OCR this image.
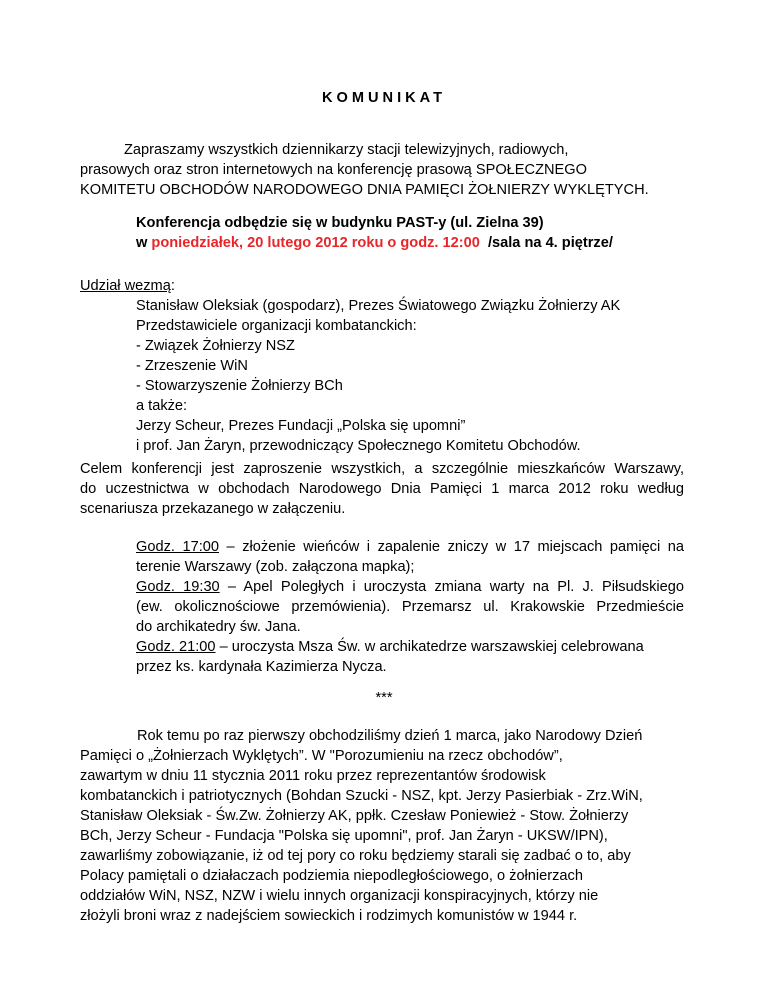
KOMUNIKAT
Zapraszamy wszystkich dziennikarzy stacji telewizyjnych, radiowych,
prasowych oraz stron internetowych na konferencję prasową SPOŁECZNEGO
KOMITETU OBCHODÓW NARODOWEGO DNIA PAMIĘCI ŻOŁNIERZY WYKLĘTYCH.
Konferencja odbędzie się w budynku PAST-y (ul. Zielna 39)
w poniedziałek, 20 lutego 2012 roku o godz. 12:00  /sala na 4. piętrze/
Udział wezmą:
Stanisław Oleksiak (gospodarz), Prezes Światowego Związku Żołnierzy AK
Przedstawiciele organizacji kombatanckich:
- Związek Żołnierzy NSZ
- Zrzeszenie WiN
- Stowarzyszenie Żołnierzy BCh
a także:
Jerzy Scheur, Prezes Fundacji „Polska się upomni”
i prof. Jan Żaryn, przewodniczący Społecznego Komitetu Obchodów.
Celem konferencji jest zaproszenie wszystkich, a szczególnie mieszkańców Warszawy,
do uczestnictwa w obchodach Narodowego Dnia Pamięci 1 marca 2012 roku według
scenariusza przekazanego w załączeniu.
Godz. 17:00 – złożenie wieńców i zapalenie zniczy w 17 miejscach pamięci na
terenie Warszawy (zob. załączona mapka);
Godz. 19:30 – Apel Poległych i uroczysta zmiana warty na Pl. J. Piłsudskiego
(ew. okolicznościowe przemówienia). Przemarsz ul. Krakowskie Przedmieście
do archikatedry św. Jana.
Godz. 21:00 – uroczysta Msza Św. w archikatedrze warszawskiej celebrowana
przez ks. kardynała Kazimierza Nycza.
***
Rok temu po raz pierwszy obchodziliśmy dzień 1 marca, jako Narodowy Dzień
Pamięci o „Żołnierzach Wyklętych”. W "Porozumieniu na rzecz obchodów”,
zawartym w dniu 11 stycznia 2011 roku przez reprezentantów środowisk
kombatanckich i patriotycznych (Bohdan Szucki - NSZ, kpt. Jerzy Pasierbiak - Zrz.WiN,
Stanisław Oleksiak - Św.Zw. Żołnierzy AK, ppłk. Czesław Poniewież - Stow. Żołnierzy
BCh, Jerzy Scheur - Fundacja "Polska się upomni", prof. Jan Żaryn - UKSW/IPN),
zawarliśmy zobowiązanie, iż od tej pory co roku będziemy starali się zadbać o to, aby
Polacy pamiętali o działaczach podziemia niepodległościowego, o żołnierzach
oddziałów WiN, NSZ, NZW i wielu innych organizacji konspiracyjnych, którzy nie
złożyli broni wraz z nadejściem sowieckich i rodzimych komunistów w 1944 r.
